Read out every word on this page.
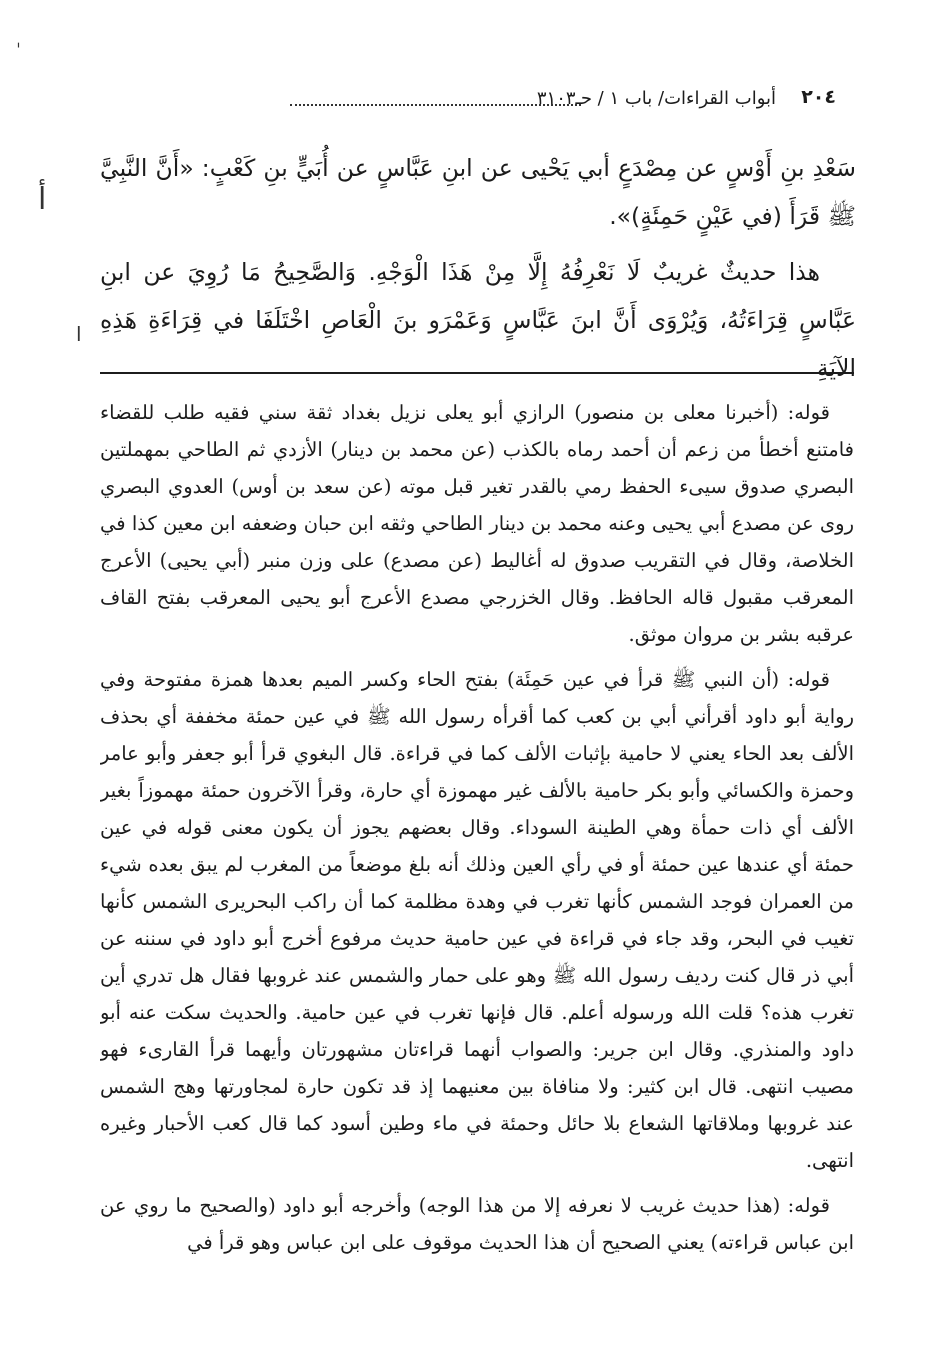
ˈ
أ
ا
٢٠٤
أبواب القراءات/ باب ١ / حـ٣١٠٣

سَعْدِ بنِ أَوْسٍ عن مِصْدَعٍ أبي يَحْيى عن ابنِ عَبَّاسٍ عن أُبَيٍّ بنِ كَعْبٍ: «أَنَّ النَّبِيَّ ﷺ قَرَأَ (في عَيْنٍ حَمِئَةٍ)».

هذا حديثٌ غريبٌ لَا نَعْرِفُهُ إِلَّا مِنْ هَذَا الْوَجْهِ. وَالصَّحِيحُ مَا رُوِيَ عن ابنِ عَبَّاسٍ قِرَاءَتُهُ، وَيُرْوَى أَنَّ ابنَ عَبَّاسٍ وَعَمْرَو بنَ الْعَاصِ اخْتَلَفَا في قِرَاءَةِ هَذِهِ الآيَةِ

قوله: (أخبرنا معلى بن منصور) الرازي أبو يعلى نزيل بغداد ثقة سني فقيه طلب للقضاء فامتنع أخطأ من زعم أن أحمد رماه بالكذب (عن محمد بن دينار) الأزدي ثم الطاحي بمهملتين البصري صدوق سيىء الحفظ رمي بالقدر تغير قبل موته (عن سعد بن أوس) العدوي البصري روى عن مصدع أبي يحيى وعنه محمد بن دينار الطاحي وثقه ابن حبان وضعفه ابن معين كذا في الخلاصة، وقال في التقريب صدوق له أغاليط (عن مصدع) على وزن منبر (أبي يحيى) الأعرج المعرقب مقبول قاله الحافظ. وقال الخزرجي مصدع الأعرج أبو يحيى المعرقب بفتح القاف عرقبه بشر بن مروان موثق.

قوله: (أن النبي ﷺ قرأ في عين حَمِئَة) بفتح الحاء وكسر الميم بعدها همزة مفتوحة وفي رواية أبو داود أقرأني أبي بن كعب كما أقرأه رسول الله ﷺ في عين حمئة مخففة أي بحذف الألف بعد الحاء يعني لا حامية بإثبات الألف كما في قراءة. قال البغوي قرأ أبو جعفر وأبو عامر وحمزة والكسائي وأبو بكر حامية بالألف غير مهموزة أي حارة، وقرأ الآخرون حمئة مهموزاً بغير الألف أي ذات حمأة وهي الطينة السوداء. وقال بعضهم يجوز أن يكون معنى قوله في عين حمئة أي عندها عين حمئة أو في رأي العين وذلك أنه بلغ موضعاً من المغرب لم يبق بعده شيء من العمران فوجد الشمس كأنها تغرب في وهدة مظلمة كما أن راكب البحريرى الشمس كأنها تغيب في البحر، وقد جاء في قراءة في عين حامية حديث مرفوع أخرج أبو داود في سننه عن أبي ذر قال كنت رديف رسول الله ﷺ وهو على حمار والشمس عند غروبها فقال هل تدري أين تغرب هذه؟ قلت الله ورسوله أعلم. قال فإنها تغرب في عين حامية. والحديث سكت عنه أبو داود والمنذري. وقال ابن جرير: والصواب أنهما قراءتان مشهورتان وأيهما قرأ القارىء فهو مصيب انتهى. قال ابن كثير: ولا منافاة بين معنيهما إذ قد تكون حارة لمجاورتها وهج الشمس عند غروبها وملاقاتها الشعاع بلا حائل وحمئة في ماء وطين أسود كما قال كعب الأحبار وغيره انتهى.

قوله: (هذا حديث غريب لا نعرفه إلا من هذا الوجه) وأخرجه أبو داود (والصحيح ما روي عن ابن عباس قراءته) يعني الصحيح أن هذا الحديث موقوف على ابن عباس وهو قرأ في
